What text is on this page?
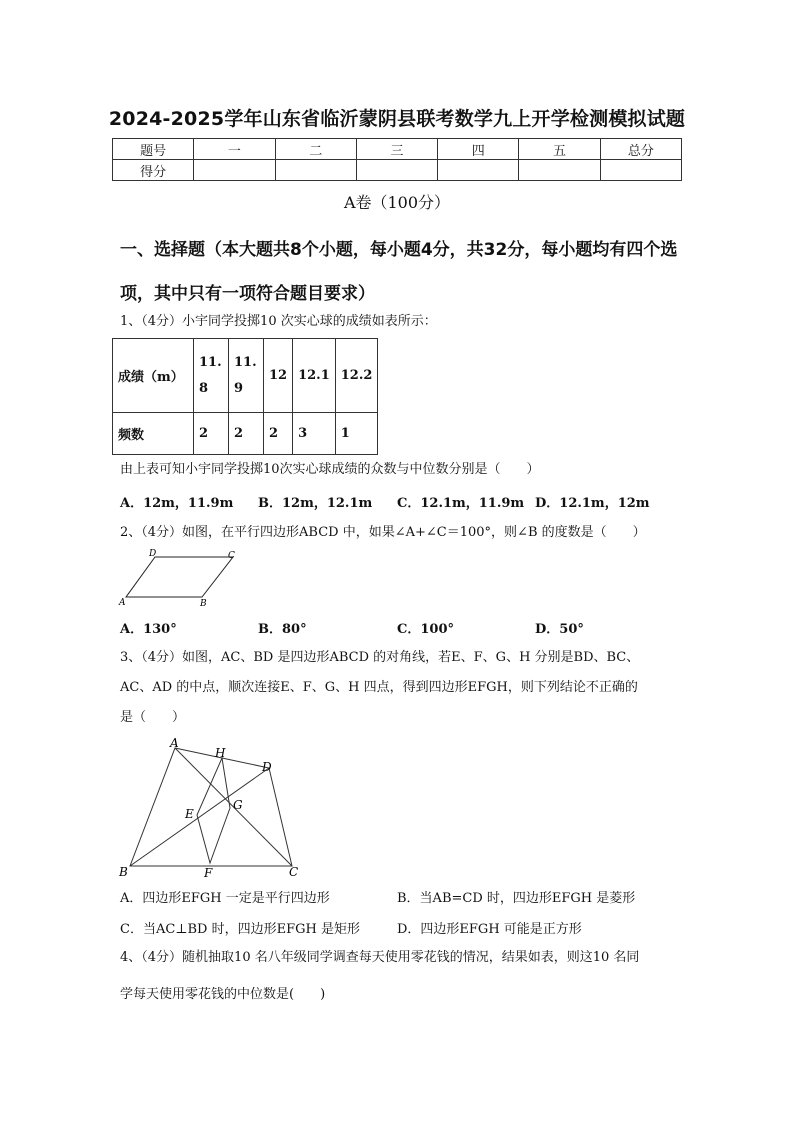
2024-2025学年山东省临沂蒙阴县联考数学九上开学检测模拟试题
题号	一	二	三	四	五	总分
得分						
A卷（100分）
一、选择题（本大题共8个小题，每小题4分，共32分，每小题均有四个选项，其中只有一项符合题目要求）
1、（4分）小宇同学投掷10 次实心球的成绩如表所示：
成绩（m）	11.8	11.9	12	12.1	12.2
频数	2	2	2	3	1
由上表可知小宇同学投掷10次实心球成绩的众数与中位数分别是（　　）
A．12m，11.9m B．12m，12.1m C．12.1m，11.9m D．12.1m，12m
2、（4分）如图，在平行四边形ABCD 中，如果∠A+∠C＝100°，则∠B 的度数是（　　）
A	B
C
D
A．130°	B．80°	C．100°	D．50°
3、（4分）如图，AC、BD 是四边形ABCD 的对角线，若E、F、G、H 分别是BD、BC、
AC、AD 的中点，顺次连接E、F、G、H 四点，得到四边形EFGH，则下列结论不正确的
是（　　）
A
B	C
D
E
F
G
H
A．四边形EFGH 一定是平行四边形	B．当AB=CD 时，四边形EFGH 是菱形
C．当AC⊥BD 时，四边形EFGH 是矩形	D．四边形EFGH 可能是正方形
4、（4分）随机抽取10 名八年级同学调查每天使用零花钱的情况，结果如表，则这10 名同
学每天使用零花钱的中位数是(　　)
